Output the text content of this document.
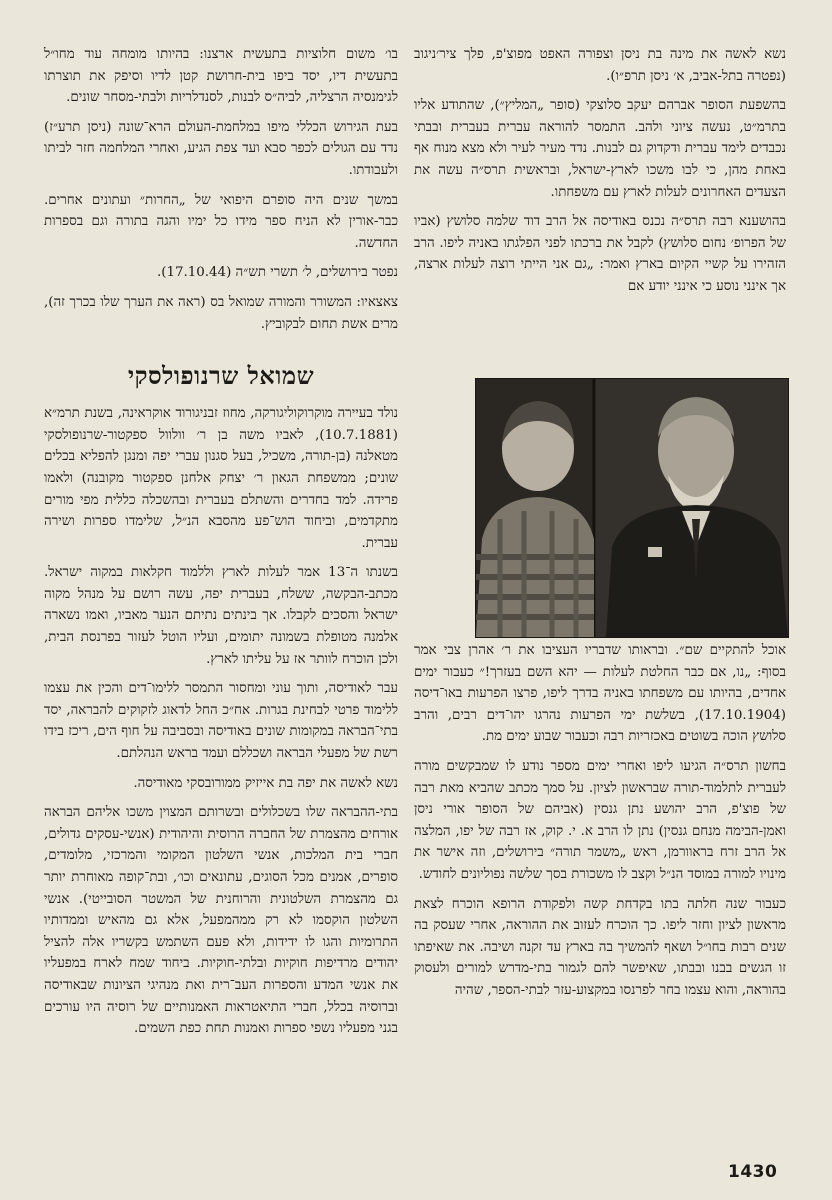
נשא לאשה את מינה בת ניסן וצפורה האפט מפוצ'פ, פלך ציר׳ניגוב (נפטרה בתל-אביב, א׳ ניסן תרפ״ו).

בהשפעת הסופר אברהם יעקב סלוצקי (סופר „המליץ״), שהתודע אליו בתרמ״ט, נעשה ציוני ולהב. התמסר להוראה עברית בעברית ובבתי נכבדים לימד עברית ודקדוק גם לבנות. נדד מעיר לעיר ולא מצא מנוח אף באחת מהן, כי לבו משכו לארץ-ישראל, ובראשית תרס״ה עשה את הצעדים האחרונים לעלות לארץ עם משפחתו.

בהושענא רבה תרס״ה נכנס באודיסה אל הרב דוד שלמה סלושץ (אביו של הפרופ׳ נחום סלושץ) לקבל את ברכתו לפני הפלגתו באניה ליפו. הרב הזהירו על קשיי הקיום בארץ ואמר: „גם אני הייתי רוצה לעלות ארצה, אך אינני נוסע כי אינני יודע אם

אוכל להתקיים שם״. ובראותו שדבריו העציבו את ר׳ אהרן צבי אמר בסוף: „נו, אם כבר החלטת לעלות — יהא השם בעזרך!״ כעבור ימים אחדים, בהיותו עם משפחתו באניה בדרך ליפו, פרצו הפרעות באו־דיסה (17.10.1904), בשלשת ימי הפרעות נהרגו יהו־דים רבים, והרב סלושץ הוכה בשוטים באכזריות רבה וכעבור שבוע ימים מת.

בחשון תרס״ה הגיעו ליפו ואחרי ימים מספר נודע לו שמבקשים מורה לעברית לתלמוד-תורה שבראשון לציון. על סמך מכתב שהביא מאת רבה של פוצ'פ, הרב יהושע נתן גנסין (אביהם של הסופר אורי ניסן ואמן-הבימה מנחם גנסין) נתן לו הרב א. י. קוק, אז רבה של יפו, המלצה אל הרב זרח בראוורמן, ראש „משמר תורה״ בירושלים, וזה אישר את מינויו למורה במוסד הנ״ל וקצב לו משכורת בסך שלשה נפוליונים לחודש.

כעבור שנה חלתה בתו בקדחת קשה ולפקודת הרופא הוכרח לצאת מראשון לציון וחזר ליפו. כך הוכרח לעזוב את ההוראה, אחרי שעסק בה שנים רבות בחו״ל ושאף להמשיך בה בארץ עד זקנה ושיבה. את שאיפתו זו הגשים בבנו ובבתו, שאיפשר להם לגמור בתי-מדרש למורים ולעסוק בהוראה, והוא עצמו בחר לפרנסו במקצוע-עזר לבתי-הספר, שהיה

בו׳ משום חלוציות בתעשית ארצנו: בהיותו מומחה עוד מחו״ל בתעשית דיו, יסד ביפו בית-חרושת קטן לדיו וסיפק את תוצרתו לגימנסיה הרצליה, לביה״ס לבנות, לסנדלריות ולבתי-מסחר שונים.

בעת הגירוש הכללי מיפו במלחמת-העולם הרא־שונה (ניסן תרע״ז) נדד עם הגולים לכפר סבא ועד צפת הגיע, ואחרי המלחמה חזר לביתו ולעבודתו.

במשך שנים היה סופרם היפואי של „החרות״ ועתונים אחרים. כבר-אורין לא הניח ספר מידו כל ימיו והגה בתורה וגם בספרות החדשה.

נפטר בירושלים, ל׳ תשרי תש״ה (17.10.44).

צאצאיו: המשורר והמורה שמואל בס (ראה את הערך שלו בכרך זה), מרים אשת תחום לבקוביץ.

שמואל שרנופולסקי

נולד בעיירה מוקרוקוליגורקה, מחוז זבניגורוד אוקראינה, בשנת תרמ״א (10.7.1881), לאביו משה בן ר׳ וולוול ספקטור-שרנופולסקי מטאלנה (בן-תורה, משכיל, בעל סגנון עברי יפה ומנגן להפליא בכלים שונים; ממשפחת הגאון ר׳ יצחק אלחנן ספקטור מקובנה) ולאמו פרידה. למד בחדרים והשתלם בעברית ובהשכלה כללית מפי מורים מתקדמים, וביחוד הוש־פע מהסבא הנ״ל, שלימדו ספרות ושירה עברית.

בשנתו ה־13 אמר לעלות לארץ וללמוד חקלאות במקוה ישראל. מכתב-הבקשה, ששלח, בעברית יפה, עשה רושם על מנהל מקוה ישראל והסכים לקבלו. אך בינתים נתיתם הנער מאביו, ואמו נשארה אלמנה מטופלת בשמונה יתומים, ועליו הוטל לעזור בפרנסת הבית, ולכן הוכרח לוותר אז על עליתו לארץ.

עבר לאודיסה, ותוך עוני ומחסור התמסר ללימו־דים והכין את עצמו ללימוד פרטי לבחינת בגרות. אח״כ החל לדאוג לזקוקים להבראה, יסד בתי־הבראה במקומות שונים באודיסה ובסביבה על חוף הים, ריכז בידו רשת של מפעלי הבראה ושכללם ועמד בראש הנהלתם.

נשא לאשה את יפה בת אייזיק ממורובסקי מאודיסה.

בתי-ההבראה שלו בשכלולים ובשרותם המצוין משכו אליהם הבראה אורחים מהצמרת של החברה הרוסית והיהודית (אנשי-עסקים גדולים, חברי בית המלכות, אנשי השלטון המקומי והמרכזי, מלומדים, סופרים, אמנים מכל הסוגים, עתונאים וכו׳, ובת־קופה מאוחרת יותר גם מהצמרת השלטונית והרוחנית של המשטר הסובייטי). אנשי השלטון הוקסמו לא רק ממהמפעל, אלא גם מהאיש וממדותיו התרומיות והגו לו ידידות, ולא פעם השתמש בקשריו אלה להציל יהודים מרדיפות חוקיות ובלתי-חוקיות. ביחוד שמח לארח במפעליו את אנשי המדע והספרות העב־רית ואת מנהיגי הציונות שבאודיסה וברוסיה בכלל, חברי התיאטראות האמנותיים של רוסיה היו עורכים בגני מפעליו נשפי ספרות ואמנות תחת כפת השמים.

1430
